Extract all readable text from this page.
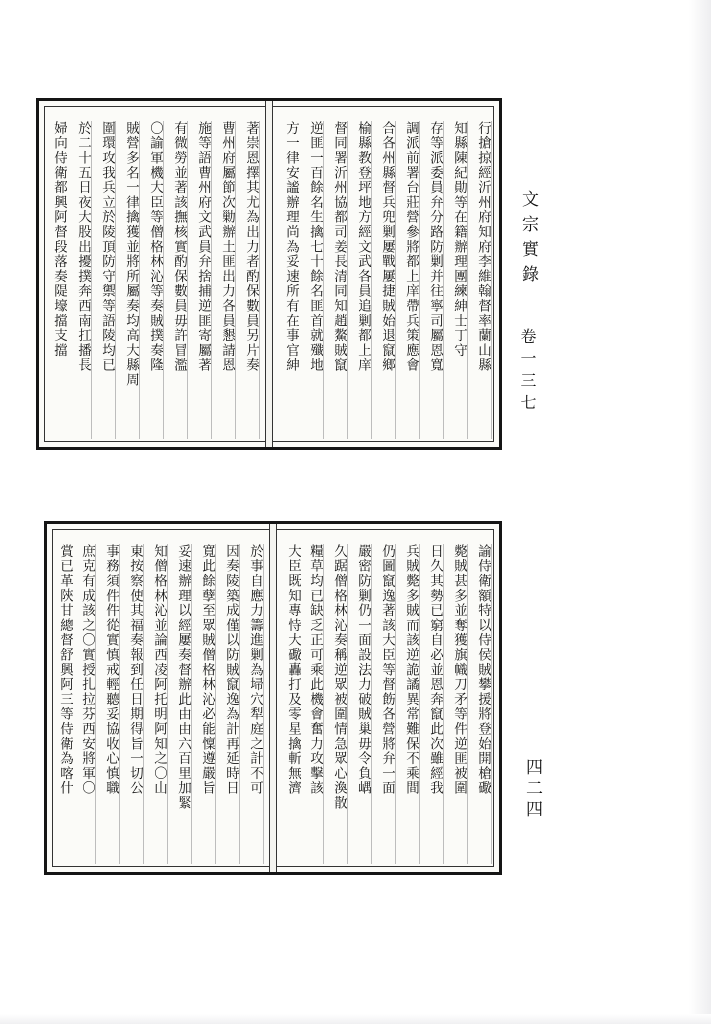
文宗實錄
卷一三七
四二四
著崇恩擇其尤為出力者酌保數員另片奏
曹州府屬節次勦辦土匪出力各員懇請恩
施等語曹州府文武員弁捨捕逆匪寄屬著
有微勞並著該撫核實酌保數員毋許冒濫
〇諭軍機大臣等僧格林沁等奏賊撲奏隆
賊營多名一律擒獲並將所屬奏均高大縣周
圍環攻我兵立於陵頂防守禦等語陵均已
於二十五日夜大股出擾撲奔西南扛播長
婦向侍衛都興阿督段落奏隄壕擋支擋	行搶掠經沂州府知府李維翰督率蘭山縣
知縣陳紀勛等在籍辦理團練紳士丁守
存等派委員弁分路防剿并往寧司屬恩寬
調派前署台莊營參將都上庠帶兵策應會
合各州縣督兵兜剿屢戰屢捷賊始退竄鄉
榆縣教登坪地方經文武各員追剿都上庠
督同署沂州協都司姜長清同知趙鰲賊竄
逆匪一百餘名生擒七十餘名匪首就殲地
方一律安謐辦理尚為妥速所有在事官紳
於事自應力籌進剿為埽穴犁庭之計不可
因奏陵築成僅以防賊竄逸為計再延時日
寬此餘孽至眾賊僧格林沁必能懍遵嚴旨
妥速辦理以經屢奏督辦此由由六百里加緊
知僧格林沁並論西凌阿托明阿知之〇山
東按察使其福奏報到任日期得旨一切公
事務須件件從實慎戒輕聽妥協收心慎職
庶克有成該之〇實授扎拉芬西安將軍〇
賞已革陝甘總督舒興阿三等侍衛為喀什	諭侍衛額特以侍侯賊攀援將登始開槍礮
斃賊甚多並奪獲旗幟刀矛等件逆匪被圍
日久其勢已窮自必並恩奔竄此次雖經我
兵賊斃多賊而該逆詭譎異常難保不乘間
仍圖竄逸著該大臣等督飭各營將弁一面
嚴密防剿仍一面設法力破賊巢毋令負嵎
久踞僧格林沁奏稱逆眾被圍情急眾心渙散
糧草均已缺乏正可乘此機會奮力攻擊該
大臣既知專恃大礮轟打及零星擒斬無濟
